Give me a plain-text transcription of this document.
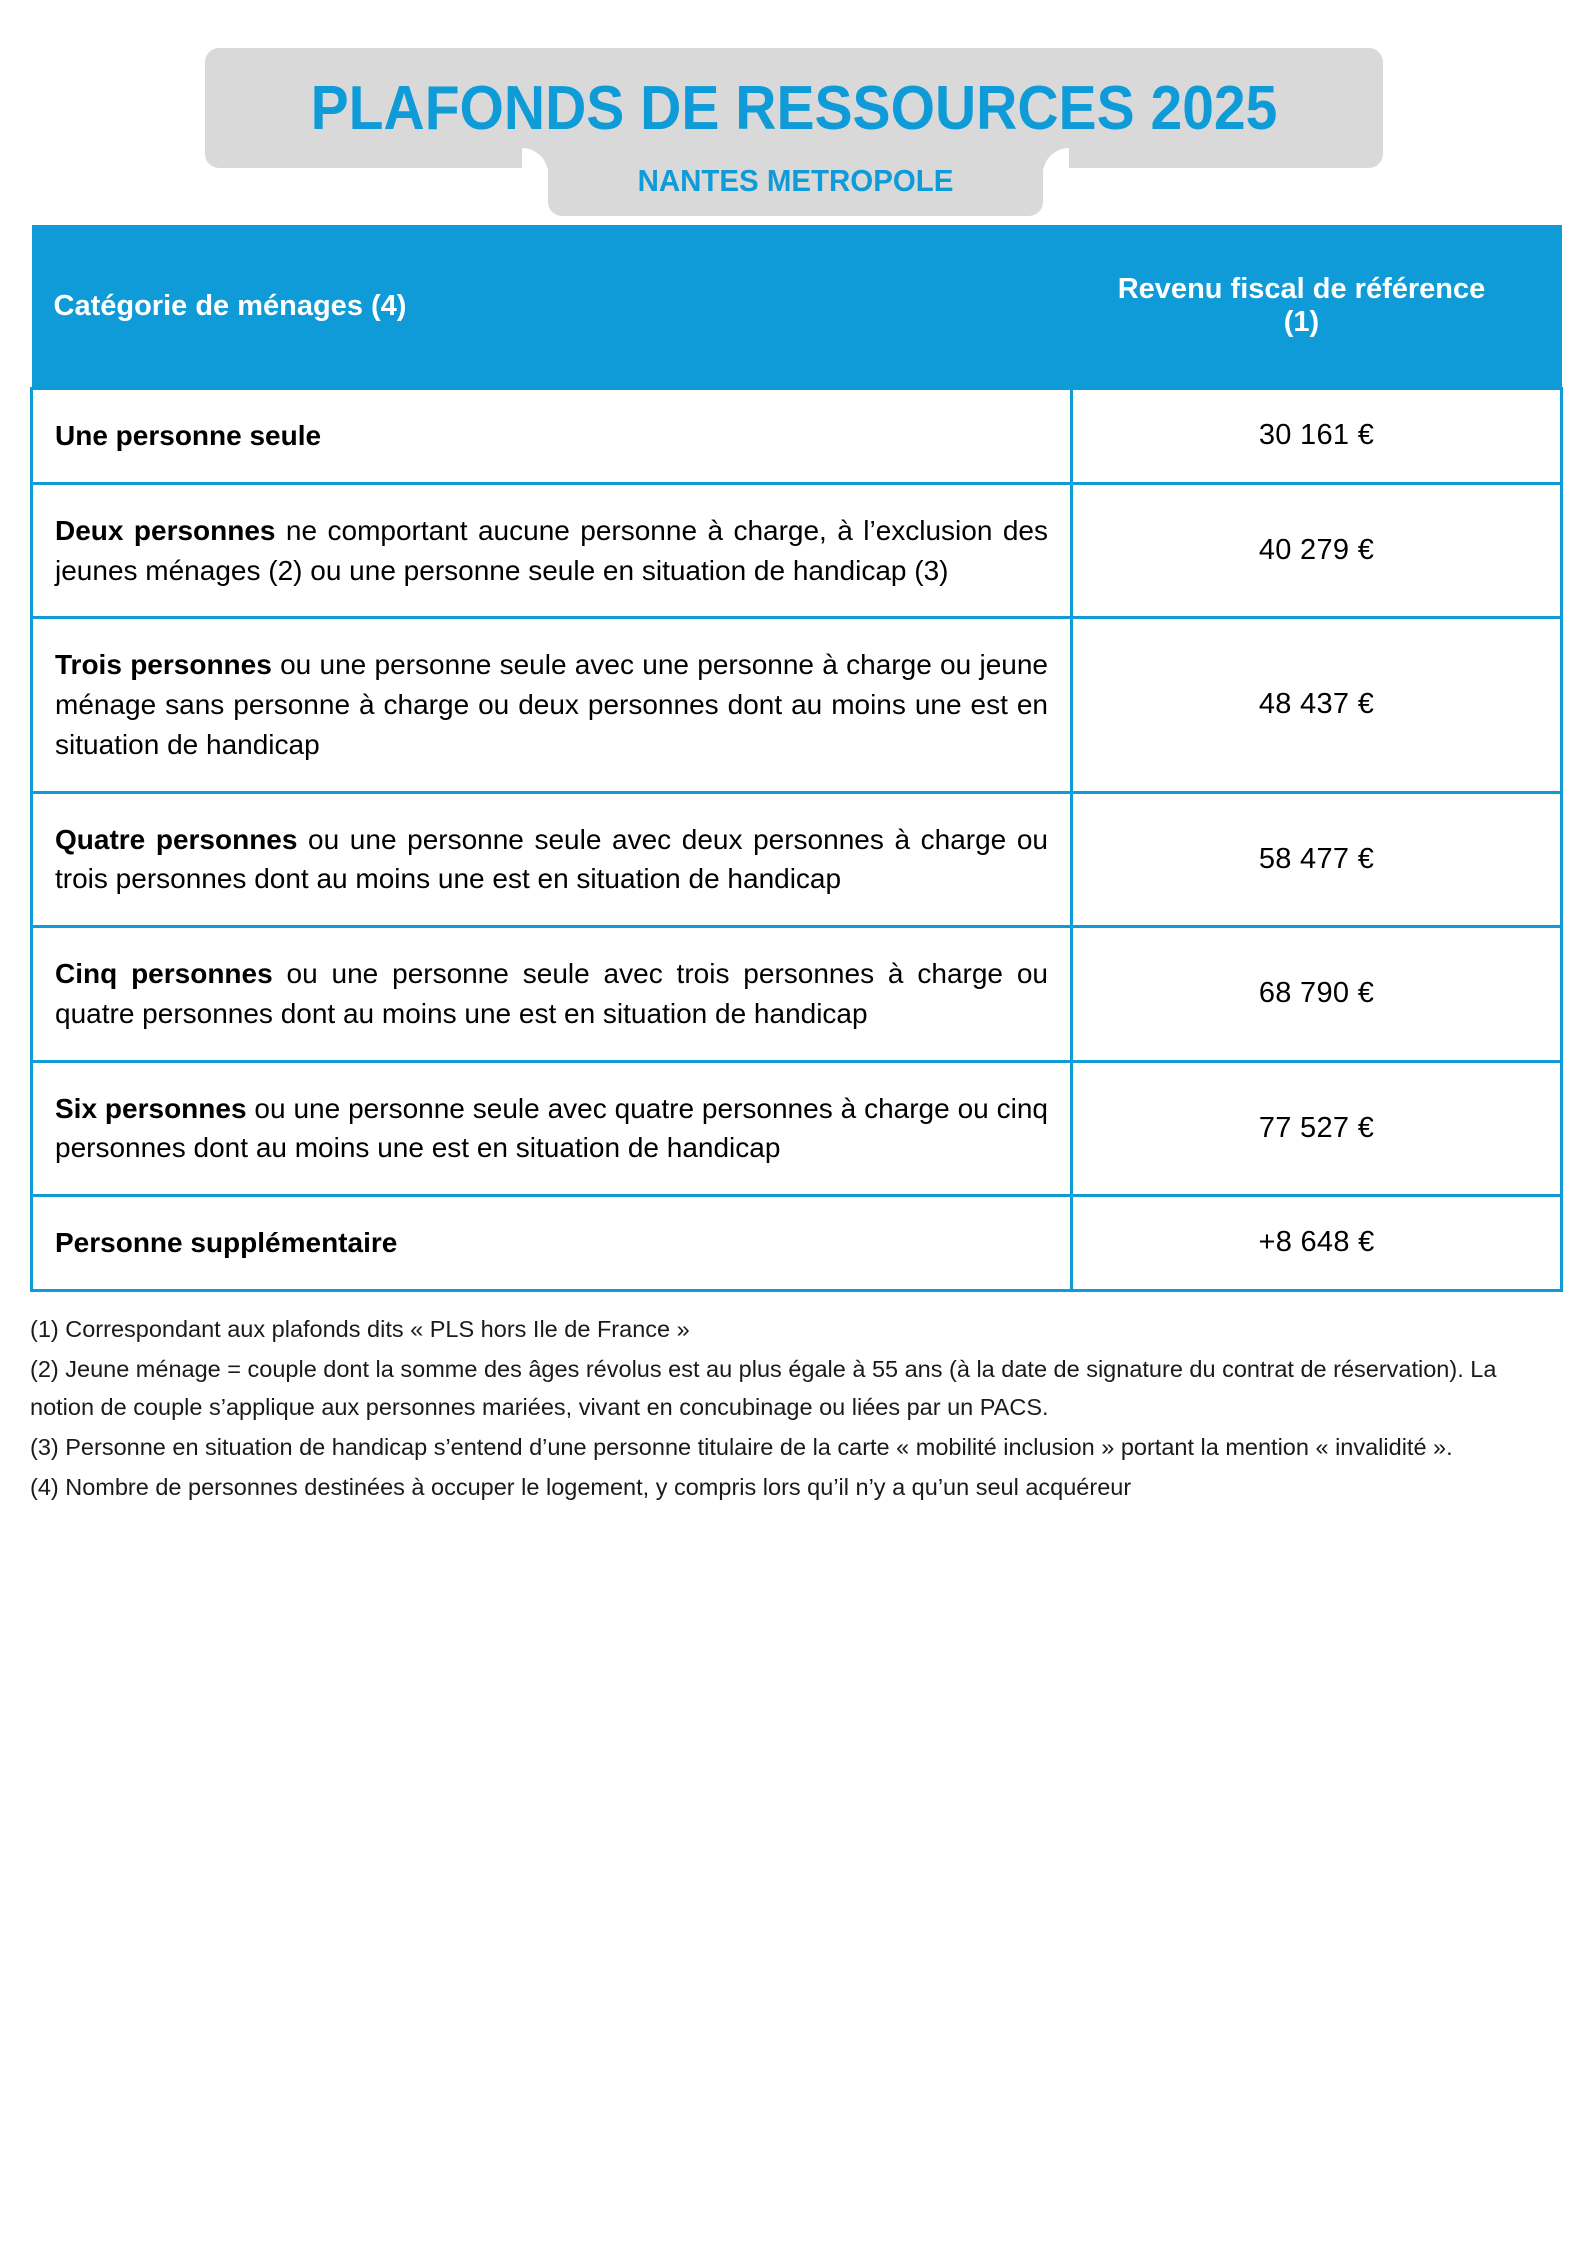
PLAFONDS DE RESSOURCES 2025
NANTES METROPOLE
Catégorie de ménages (4)	Revenu fiscal de référence (1)
Une personne seule	30 161 €
Deux personnes ne comportant aucune personne à charge, à l’exclusion des jeunes ménages (2) ou une personne seule en situation de handicap (3)	40 279 €
Trois personnes ou une personne seule avec une personne à charge ou jeune ménage sans personne à charge ou deux personnes dont au moins une est en situation de handicap	48 437 €
Quatre personnes ou une personne seule avec deux personnes à charge ou trois personnes dont au moins une est en situation de handicap	58 477 €
Cinq personnes ou une personne seule avec trois personnes à charge ou quatre personnes dont au moins une est en situation de handicap	68 790 €
Six personnes ou une personne seule avec quatre personnes à charge ou cinq personnes dont au moins une est en situation de handicap	77 527 €
Personne supplémentaire	+8 648 €

(1) Correspondant aux plafonds dits « PLS hors Ile de France »

(2) Jeune ménage = couple dont la somme des âges révolus est au plus égale à 55 ans (à la date de signature du contrat de réservation). La notion de couple s’applique aux personnes mariées, vivant en concubinage ou liées par un PACS.

(3) Personne en situation de handicap s’entend d’une personne titulaire de la carte « mobilité inclusion » portant la mention « invalidité ».

(4) Nombre de personnes destinées à occuper le logement, y compris lors qu’il n’y a qu’un seul acquéreur
